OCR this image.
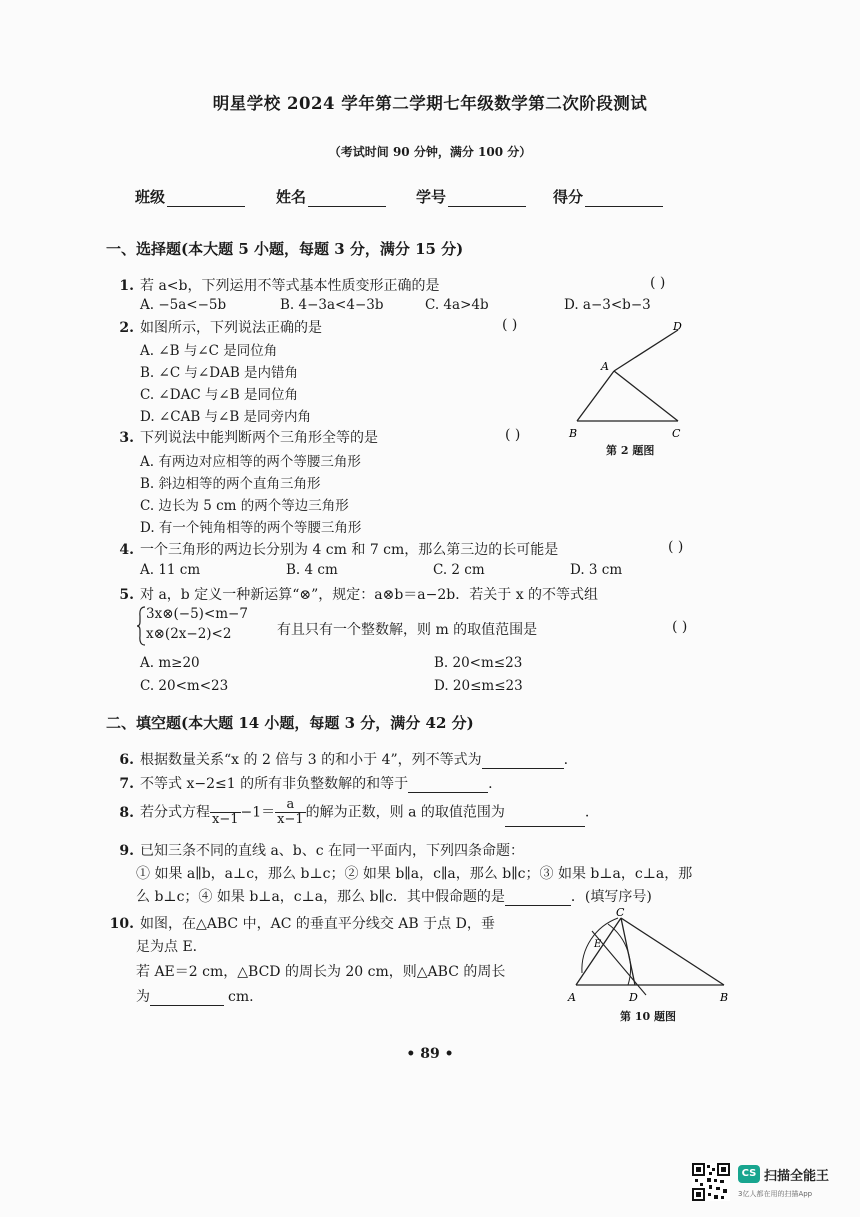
明星学校 2024 学年第二学期七年级数学第二次阶段测试
（考试时间 90 分钟，满分 100 分）
班级	姓名	学号	得分
一、选择题(本大题 5 小题，每题 3 分，满分 15 分)
1. 若 a<b，下列运用不等式基本性质变形正确的是	( )
A. −5a<−5b	B. 4−3a<4−3b	C. 4a>4b	D. a−3<b−3
2. 如图所示，下列说法正确的是	( )
A. ∠B 与∠C 是同位角
B. ∠C 与∠DAB 是内错角
C. ∠DAC 与∠B 是同位角
D. ∠CAB 与∠B 是同旁内角
A
B	C
D
第 2 题图
3. 下列说法中能判断两个三角形全等的是	( )
A. 有两边对应相等的两个等腰三角形
B. 斜边相等的两个直角三角形
C. 边长为 5 cm 的两个等边三角形
D. 有一个钝角相等的两个等腰三角形
4. 一个三角形的两边长分别为 4 cm 和 7 cm，那么第三边的长可能是	( )
A. 11 cm	B. 4 cm	C. 2 cm	D. 3 cm
5. 对 a，b 定义一种新运算“⊗”，规定：a⊗b＝a−2b．若关于 x 的不等式组
3x⊗(−5)<m−7
x⊗(2x−2)<2	有且只有一个整数解，则 m 的取值范围是	( )
A. m≥20	B. 20<m≤23
C. 20<m<23	D. 20≤m≤23
二、填空题(本大题 14 小题，每题 3 分，满分 42 分)
6. 根据数量关系“x 的 2 倍与 3 的和小于 4”，列不等式为	.
7. 不等式 x−2≤1 的所有非负整数解的和等于	.
8. 若分式方程 $x-1 -1= \frac{a}{x-1}$ 的解为正数，则 a 的取值范围为	.
9. 已知三条不同的直线 a、b、c 在同一平面内，下列四条命题：
① 如果 a∥b，a⊥c，那么 b⊥c；② 如果 b∥a，c∥a，那么 b∥c；③ 如果 b⊥a，c⊥a，那
么 b⊥c；④ 如果 b⊥a，c⊥a，那么 b∥c．其中假命题的是	．(填写序号)
10. 如图，在△ABC 中，AC 的垂直平分线交 AB 于点 D，垂
足为点 E．
若 AE＝2 cm，△BCD 的周长为 20 cm，则△ABC 的周长
为	cm.	A	B
C
D
E
第 10 题图
• 89 •
CS 扫描全能王
3亿人都在用的扫描App
